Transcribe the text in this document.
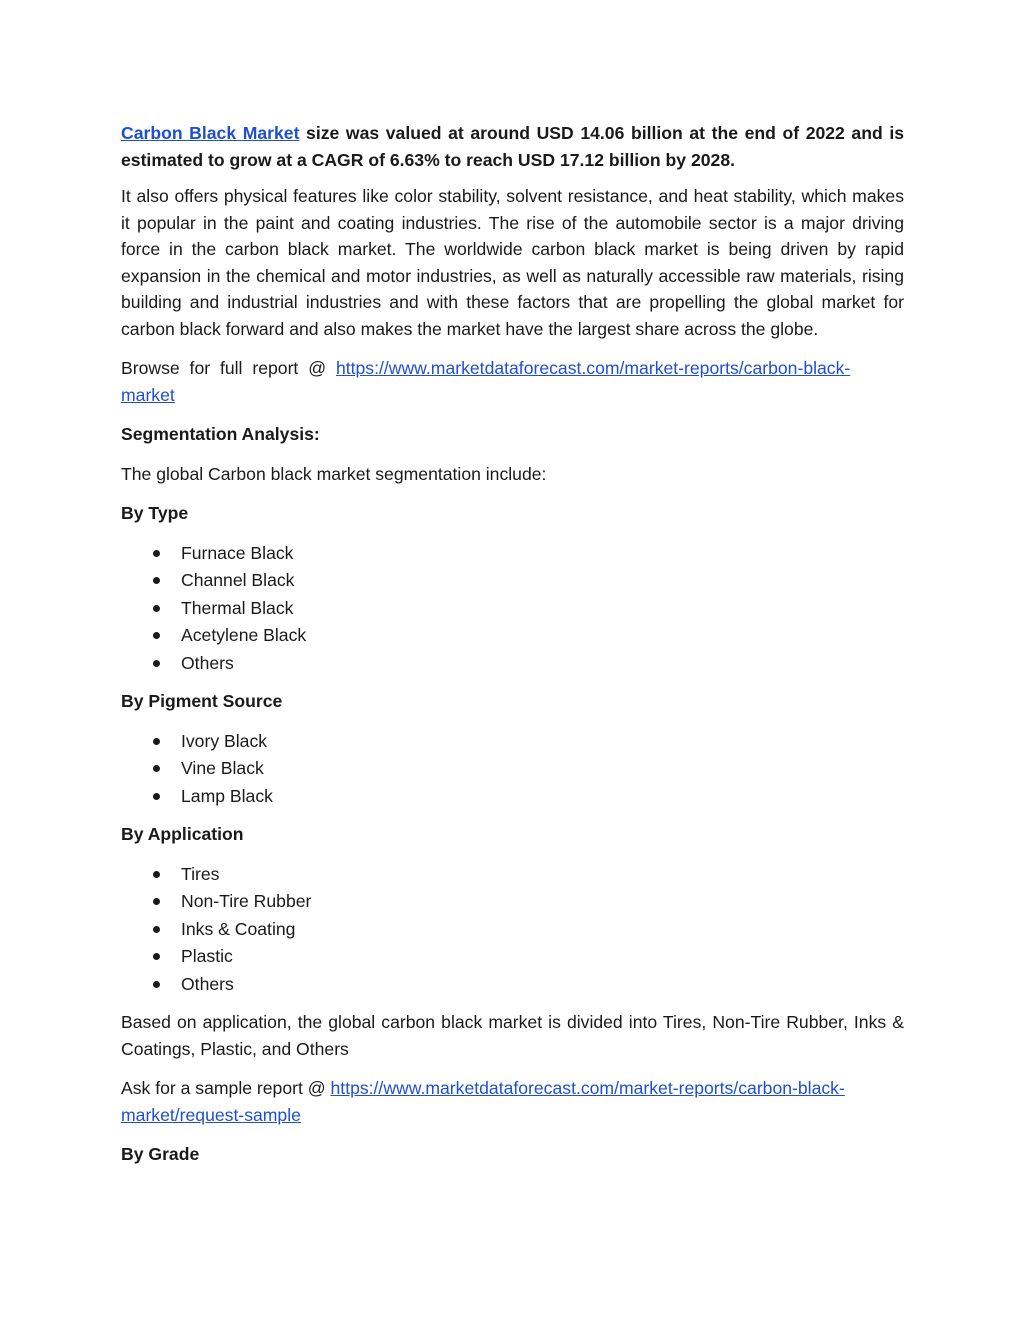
Carbon Black Market size was valued at around USD 14.06 billion at the end of 2022 and is estimated to grow at a CAGR of 6.63% to reach USD 17.12 billion by 2028.

It also offers physical features like color stability, solvent resistance, and heat stability, which makes it popular in the paint and coating industries. The rise of the automobile sector is a major driving force in the carbon black market. The worldwide carbon black market is being driven by rapid expansion in the chemical and motor industries, as well as naturally accessible raw materials, rising building and industrial industries and with these factors that are propelling the global market for carbon black forward and also makes the market have the largest share across the globe.

Browse for full report @ https://www.marketdataforecast.com/market-reports/carbon-black-market

Segmentation Analysis:

The global Carbon black market segmentation include:

By Type

Furnace Black
Channel Black
Thermal Black
Acetylene Black
Others

By Pigment Source

Ivory Black
Vine Black
Lamp Black

By Application

Tires
Non-Tire Rubber
Inks & Coating
Plastic
Others

Based on application, the global carbon black market is divided into Tires, Non-Tire Rubber, Inks & Coatings, Plastic, and Others

Ask for a sample report @ https://www.marketdataforecast.com/market-reports/carbon-black-market/request-sample

By Grade
